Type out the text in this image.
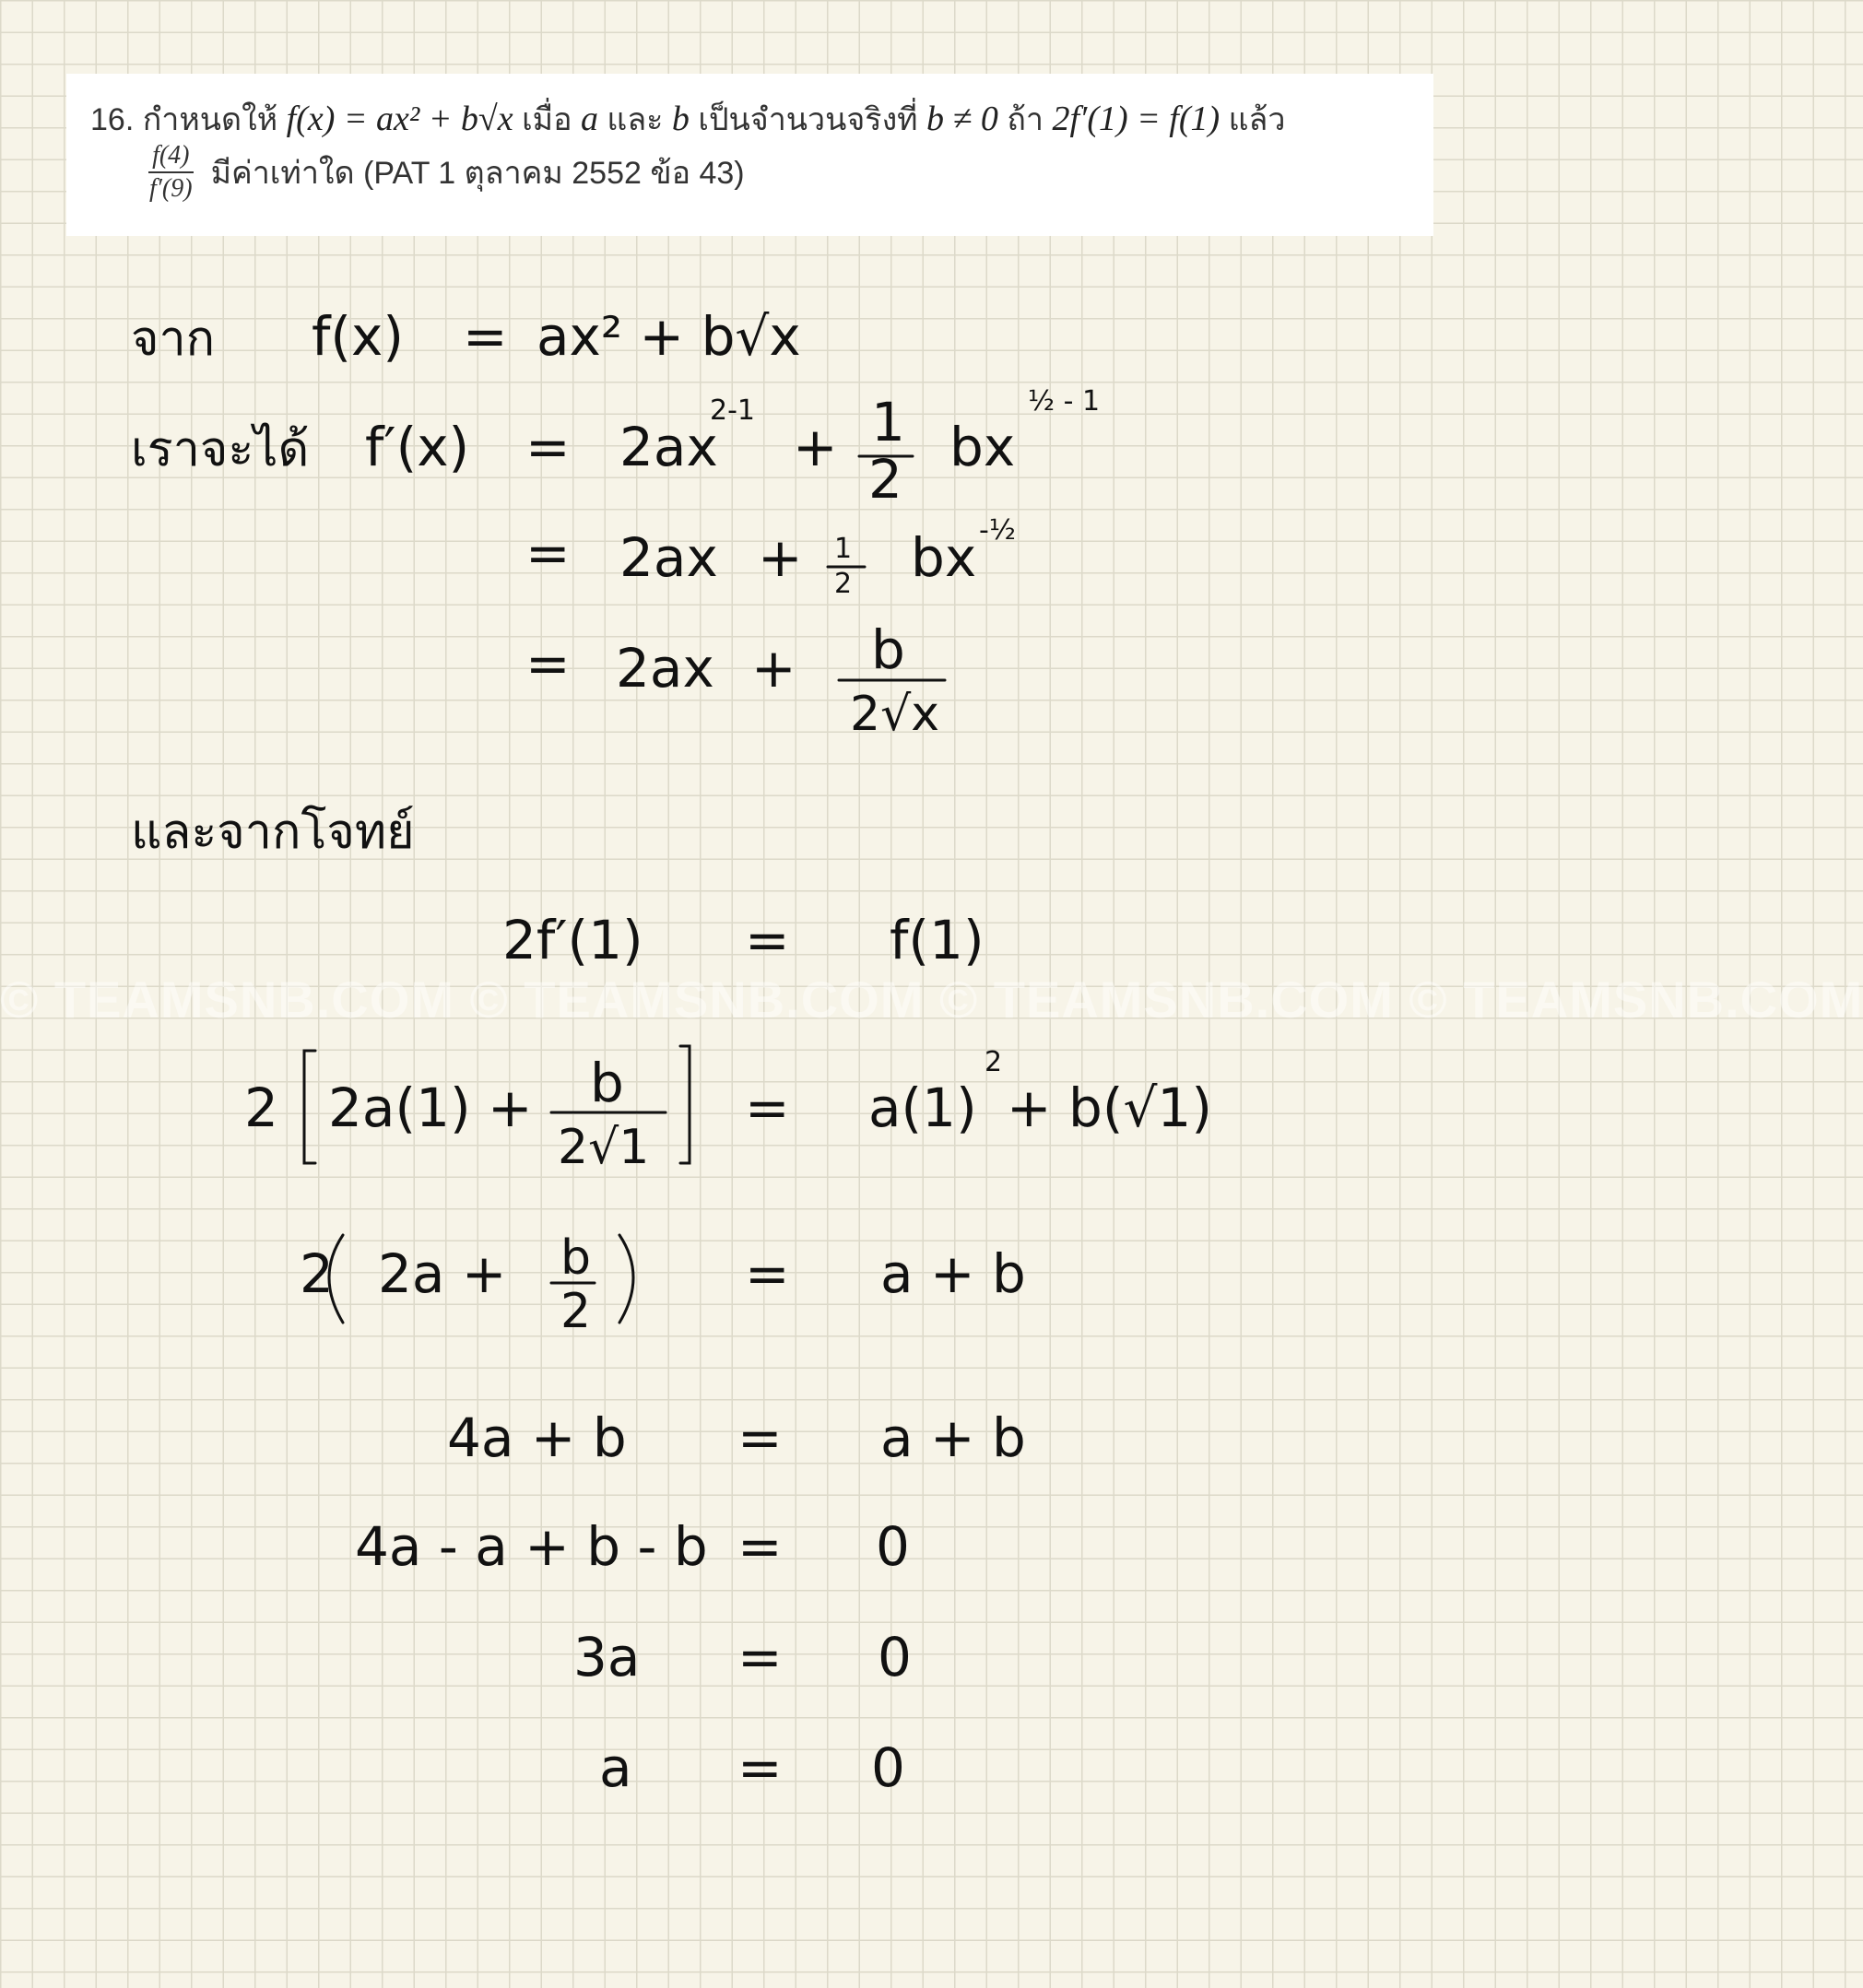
16. กำหนดให้ f(x) = ax² + b√x เมื่อ a และ b เป็นจำนวนจริงที่ b ≠ 0 ถ้า 2f′(1) = f(1) แล้ว
$\frac{f(4)}{f'(9)}$ มีค่าเท่าใด (PAT 1 ตุลาคม 2552 ข้อ 43)
© TEAMSNB.COM © TEAMSNB.COM © TEAMSNB.COM © TEAMSNB.COM
จาก f(x) = ax² + b√x
เราจะได้ f′(x) = 2ax
2-1
+ 1
2
bx
½ - 1
= 2ax + 1
2 bx -½
= 2ax + b
2√x
และจากโจทย์
2f′(1) = f(1)
2 2a(1) + b
2√1
= a(1)
2
+ b(√1)
2 2a + b
2
= a + b
4a + b = a + b
4a - a + b - b = 0
3a = 0
a = 0
